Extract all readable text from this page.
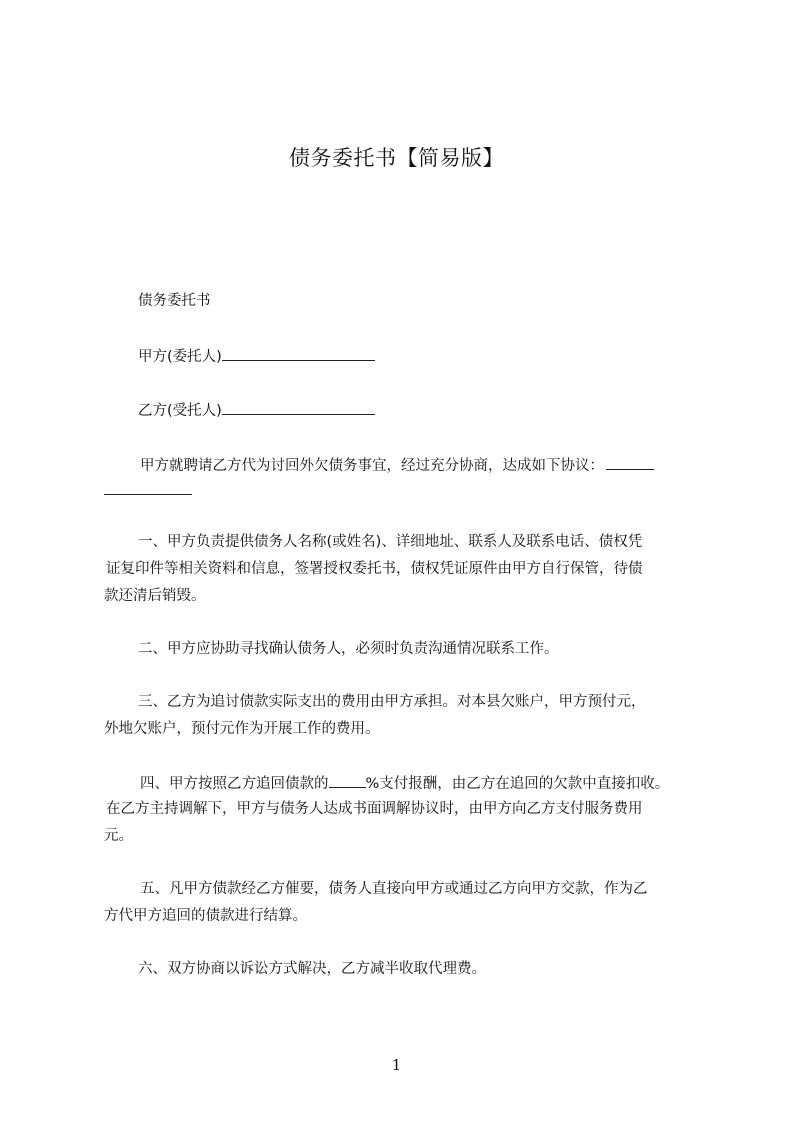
债务委托书【简易版】
债务委托书
甲方(委托人)
乙方(受托人)
甲方就聘请乙方代为讨回外欠债务事宜，经过充分协商，达成如下协议：
一、甲方负责提供债务人名称(或姓名)、详细地址、联系人及联系电话、债权凭
证复印件等相关资料和信息，签署授权委托书，债权凭证原件由甲方自行保管，待债
款还清后销毁。
二、甲方应协助寻找确认债务人，必须时负责沟通情况联系工作。
三、乙方为追讨债款实际支出的费用由甲方承担。对本县欠账户，甲方预付元，
外地欠账户，预付元作为开展工作的费用。
四、甲方按照乙方追回债款的	%支付报酬，由乙方在追回的欠款中直接扣收。
在乙方主持调解下，甲方与债务人达成书面调解协议时，由甲方向乙方支付服务费用
元。
五、凡甲方债款经乙方催要，债务人直接向甲方或通过乙方向甲方交款，作为乙
方代甲方追回的债款进行结算。
六、双方协商以诉讼方式解决，乙方减半收取代理费。
1
